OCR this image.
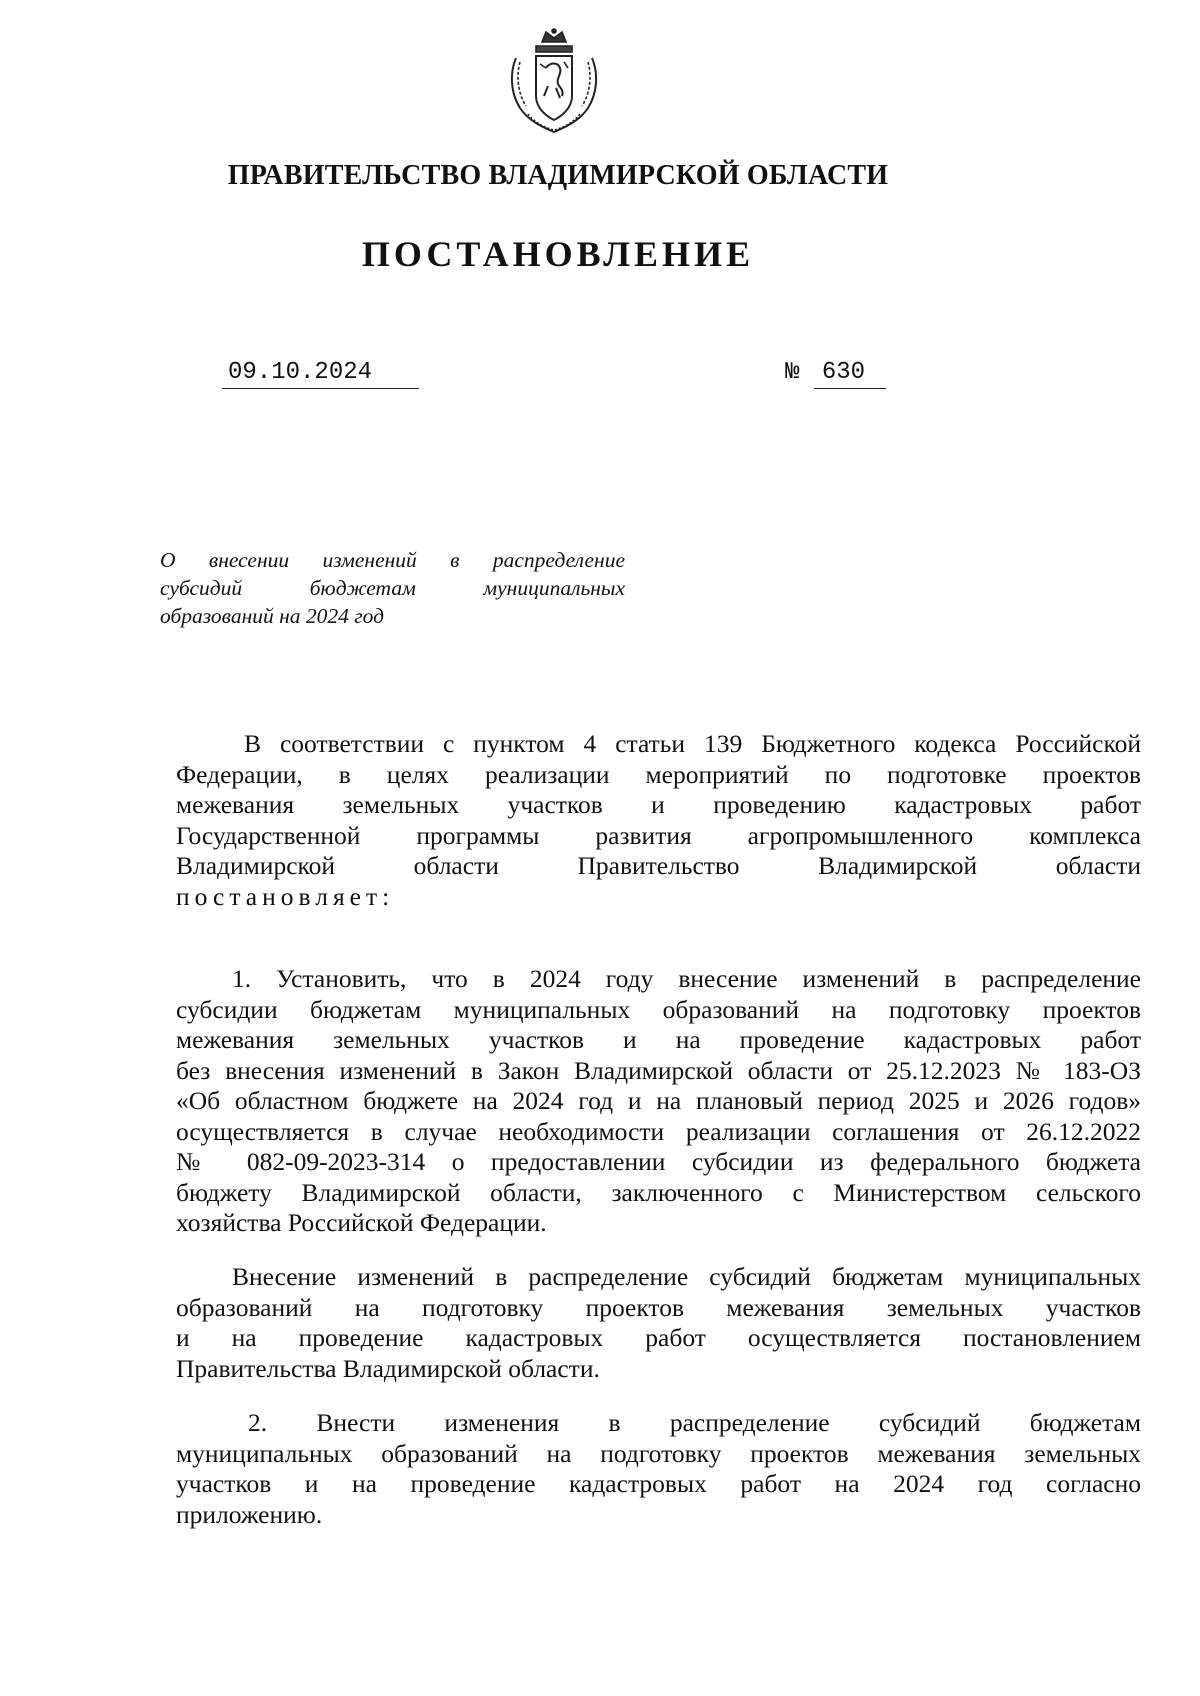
ПРАВИТЕЛЬСТВО ВЛАДИМИРСКОЙ ОБЛАСТИ
ПОСТАНОВЛЕНИЕ
09.10.2024	№ 630
О внесении изменений в распределение
субсидий бюджетам муниципальных
образований на 2024 год
В соответствии с пунктом 4 статьи 139 Бюджетного кодекса Российской
Федерации, в целях реализации мероприятий по подготовке проектов
межевания земельных участков и проведению кадастровых работ
Государственной программы развития агропромышленного комплекса
Владимирской области Правительство Владимирской области
постановляет:
1. Установить, что в 2024 году внесение изменений в распределение
субсидии бюджетам муниципальных образований на подготовку проектов
межевания земельных участков и на проведение кадастровых работ
без внесения изменений в Закон Владимирской области от 25.12.2023 № 183-ОЗ
«Об областном бюджете на 2024 год и на плановый период 2025 и 2026 годов»
осуществляется в случае необходимости реализации соглашения от 26.12.2022
№ 082-09-2023-314 о предоставлении субсидии из федерального бюджета
бюджету Владимирской области, заключенного с Министерством сельского
хозяйства Российской Федерации.
Внесение изменений в распределение субсидий бюджетам муниципальных
образований на подготовку проектов межевания земельных участков
и на проведение кадастровых работ осуществляется постановлением
Правительства Владимирской области.
2. Внести изменения в распределение субсидий бюджетам
муниципальных образований на подготовку проектов межевания земельных
участков и на проведение кадастровых работ на 2024 год согласно
приложению.
